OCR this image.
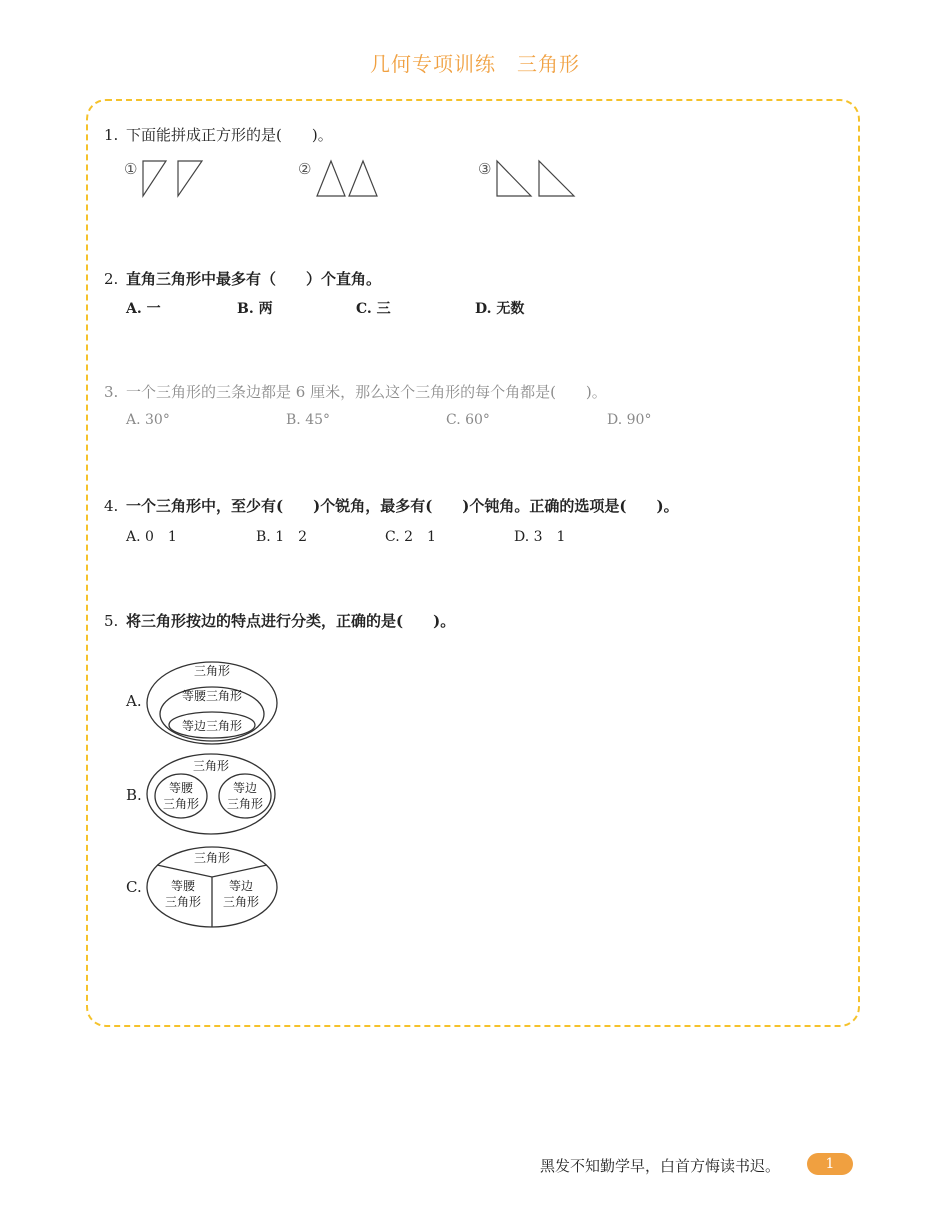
几何专项训练　三角形
1. 下面能拼成正方形的是(　　)。
①	②	③
2. 直角三角形中最多有（　　）个直角。
A. 一	B. 两	C. 三	D. 无数
3. 一个三角形的三条边都是 6 厘米，那么这个三角形的每个角都是(　　)。
A. 30°	B. 45°	C. 60°	D. 90°
4. 一个三角形中，至少有(　　)个锐角，最多有(　　)个钝角。正确的选项是(　　)。
A. 0　1	B. 1　2	C. 2　1	D. 3　1
5. 将三角形按边的特点进行分类，正确的是(　　)。
A.
三角形
等腰三角形
等边三角形
B.
三角形
等腰
三角形
等边
三角形
C.
三角形
等腰
三角形
等边
三角形
黑发不知勤学早，白首方悔读书迟。	1
